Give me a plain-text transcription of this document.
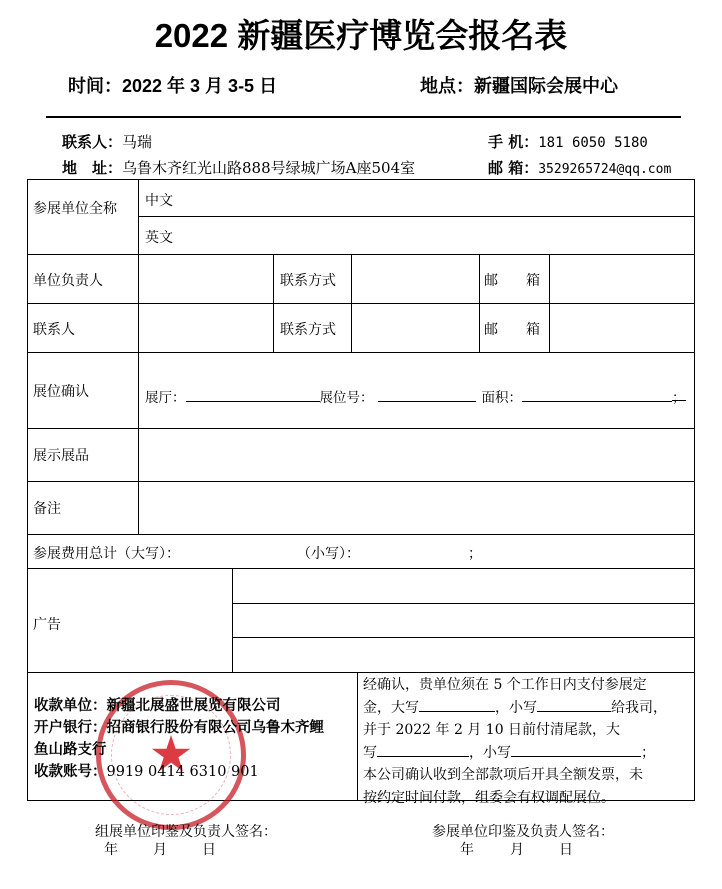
2022 新疆医疗博览会报名表
时间：2022 年 3 月 3-5 日	地点：新疆国际会展中心
联系人：马瑞
地　址：乌鲁木齐红光山路888号绿城广场A座504室
手 机：181 6050 5180
邮 箱：3529265724@qq.com
参展单位全称 中文
英文
单位负责人	联系方式	邮　　箱
联系人	联系方式	邮　　箱
展位确认	展厅：	展位号：	面积：	；
展示展品
备注
参展费用总计（大写）：	（小写）：	；
广告
★
收款单位：新疆北展盛世展览有限公司
开户银行：招商银行股份有限公司乌鲁木齐鲤
鱼山路支行
收款账号：9919 0414 6310 901
经确认，贵单位须在 5 个工作日内支付参展定
金，大写	，小写	给我司，
并于 2022 年 2 月 10 日前付清尾款，大
写	，小写	；
本公司确认收到全部款项后开具全额发票，未
按约定时间付款，组委会有权调配展位。
组展单位印鉴及负责人签名：
年	月	日
参展单位印鉴及负责人签名：
年	月	日
